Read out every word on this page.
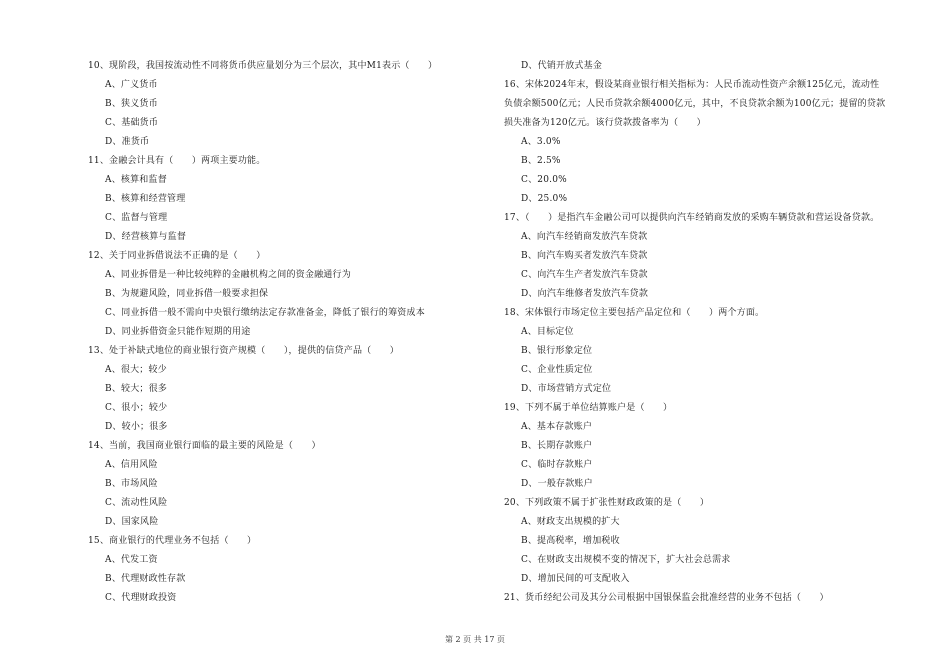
10、现阶段，我国按流动性不同将货币供应量划分为三个层次，其中M1表示（　　）
A、广义货币
B、狭义货币
C、基础货币
D、准货币
11、金融会计具有（　　）两项主要功能。
A、核算和监督
B、核算和经营管理
C、监督与管理
D、经营核算与监督
12、关于同业拆借说法不正确的是（　　）
A、同业拆借是一种比较纯粹的金融机构之间的资金融通行为
B、为规避风险，同业拆借一般要求担保
C、同业拆借一般不需向中央银行缴纳法定存款准备金，降低了银行的筹资成本
D、同业拆借资金只能作短期的用途
13、处于补缺式地位的商业银行资产规模（　　），提供的信贷产品（　　）
A、很大；较少
B、较大；很多
C、很小；较少
D、较小；很多
14、当前，我国商业银行面临的最主要的风险是（　　）
A、信用风险
B、市场风险
C、流动性风险
D、国家风险
15、商业银行的代理业务不包括（　　）
A、代发工资
B、代理财政性存款
C、代理财政投资
D、代销开放式基金
16、宋体2024年末，假设某商业银行相关指标为：人民币流动性资产余额125亿元，流动性
负债余额500亿元；人民币贷款余额4000亿元，其中，不良贷款余额为100亿元；提留的贷款
损失准备为120亿元。该行贷款拨备率为（　　）
A、3.0%
B、2.5%
C、20.0%
D、25.0%
17、（　　）是指汽车金融公司可以提供向汽车经销商发放的采购车辆贷款和营运设备贷款。
A、向汽车经销商发放汽车贷款
B、向汽车购买者发放汽车贷款
C、向汽车生产者发放汽车贷款
D、向汽车维修者发放汽车贷款
18、宋体银行市场定位主要包括产品定位和（　　）两个方面。
A、目标定位
B、银行形象定位
C、企业性质定位
D、市场营销方式定位
19、下列不属于单位结算账户是（　　）
A、基本存款账户
B、长期存款账户
C、临时存款账户
D、一般存款账户
20、下列政策不属于扩张性财政政策的是（　　）
A、财政支出规模的扩大
B、提高税率，增加税收
C、在财政支出规模不变的情况下，扩大社会总需求
D、增加民间的可支配收入
21、货币经纪公司及其分公司根据中国银保监会批准经营的业务不包括（　　）
第 2 页 共 17 页
